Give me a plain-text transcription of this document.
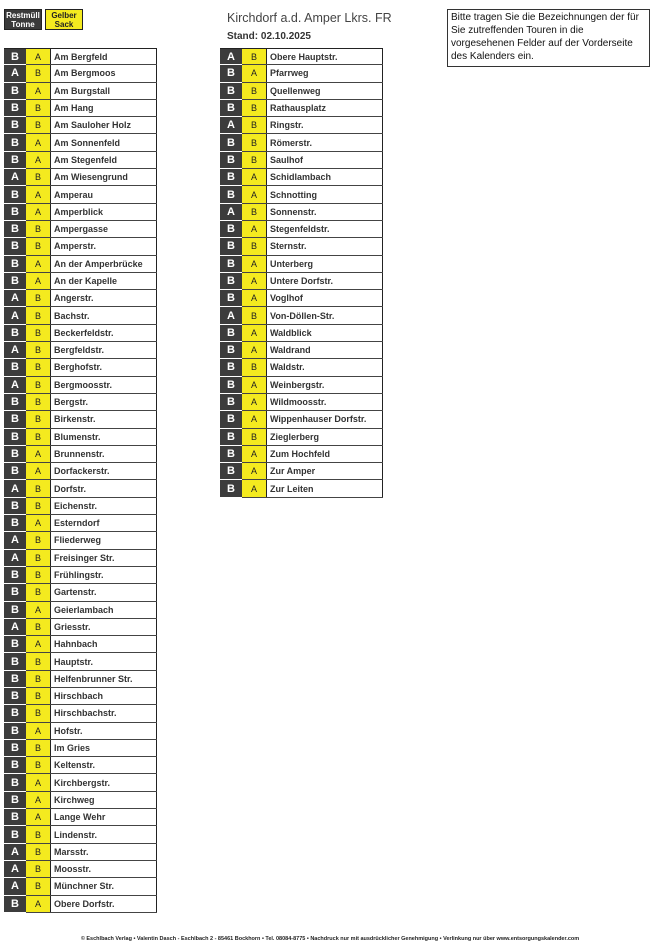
Restmüll Tonne
Gelber Sack	Kirchdorf a.d. Amper Lkrs. FR
Stand: 02.10.2025
Bitte tragen Sie die Bezeichnungen der für Sie zutreffenden Touren in die vorgesehenen Felder auf der Vorderseite des Kalenders ein.
B	A	Am Bergfeld
A	B	Am Bergmoos
B	A	Am Burgstall
B	B	Am Hang
B	B	Am Sauloher Holz
B	A	Am Sonnenfeld
B	A	Am Stegenfeld
A	B	Am Wiesengrund
B	A	Amperau
B	A	Amperblick
B	B	Ampergasse
B	B	Amperstr.
B	A	An der Amperbrücke
B	A	An der Kapelle
A	B	Angerstr.
A	B	Bachstr.
B	B	Beckerfeldstr.
A	B	Bergfeldstr.
B	B	Berghofstr.
A	B	Bergmoosstr.
B	B	Bergstr.
B	B	Birkenstr.
B	B	Blumenstr.
B	A	Brunnenstr.
B	A	Dorfackerstr.
A	B	Dorfstr.
B	B	Eichenstr.
B	A	Esterndorf
A	B	Fliederweg
A	B	Freisinger Str.
B	B	Frühlingstr.
B	B	Gartenstr.
B	A	Geierlambach
A	B	Griesstr.
B	A	Hahnbach
B	B	Hauptstr.
B	B	Helfenbrunner Str.
B	B	Hirschbach
B	B	Hirschbachstr.
B	A	Hofstr.
B	B	Im Gries
B	B	Keltenstr.
B	A	Kirchbergstr.
B	A	Kirchweg
B	A	Lange Wehr
B	B	Lindenstr.
A	B	Marsstr.
A	B	Moosstr.
A	B	Münchner Str.
B	A	Obere Dorfstr.
A	B	Obere Hauptstr.
B	A	Pfarrweg
B	B	Quellenweg
B	B	Rathausplatz
A	B	Ringstr.
B	B	Römerstr.
B	B	Saulhof
B	A	Schidlambach
B	A	Schnotting
A	B	Sonnenstr.
B	A	Stegenfeldstr.
B	B	Sternstr.
B	A	Unterberg
B	A	Untere Dorfstr.
B	A	Voglhof
A	B	Von-Döllen-Str.
B	A	Waldblick
B	A	Waldrand
B	B	Waldstr.
B	A	Weinbergstr.
B	A	Wildmoosstr.
B	A	Wippenhauser Dorfstr.
B	B	Zieglerberg
B	A	Zum Hochfeld
B	A	Zur Amper
B	A	Zur Leiten
© Eschlbach Verlag • Valentin Dasch - Eschlbach 2 - 85461 Bockhorn • Tel. 08084-8775 • Nachdruck nur mit ausdrücklicher Genehmigung • Verlinkung nur über www.entsorgungskalender.com
